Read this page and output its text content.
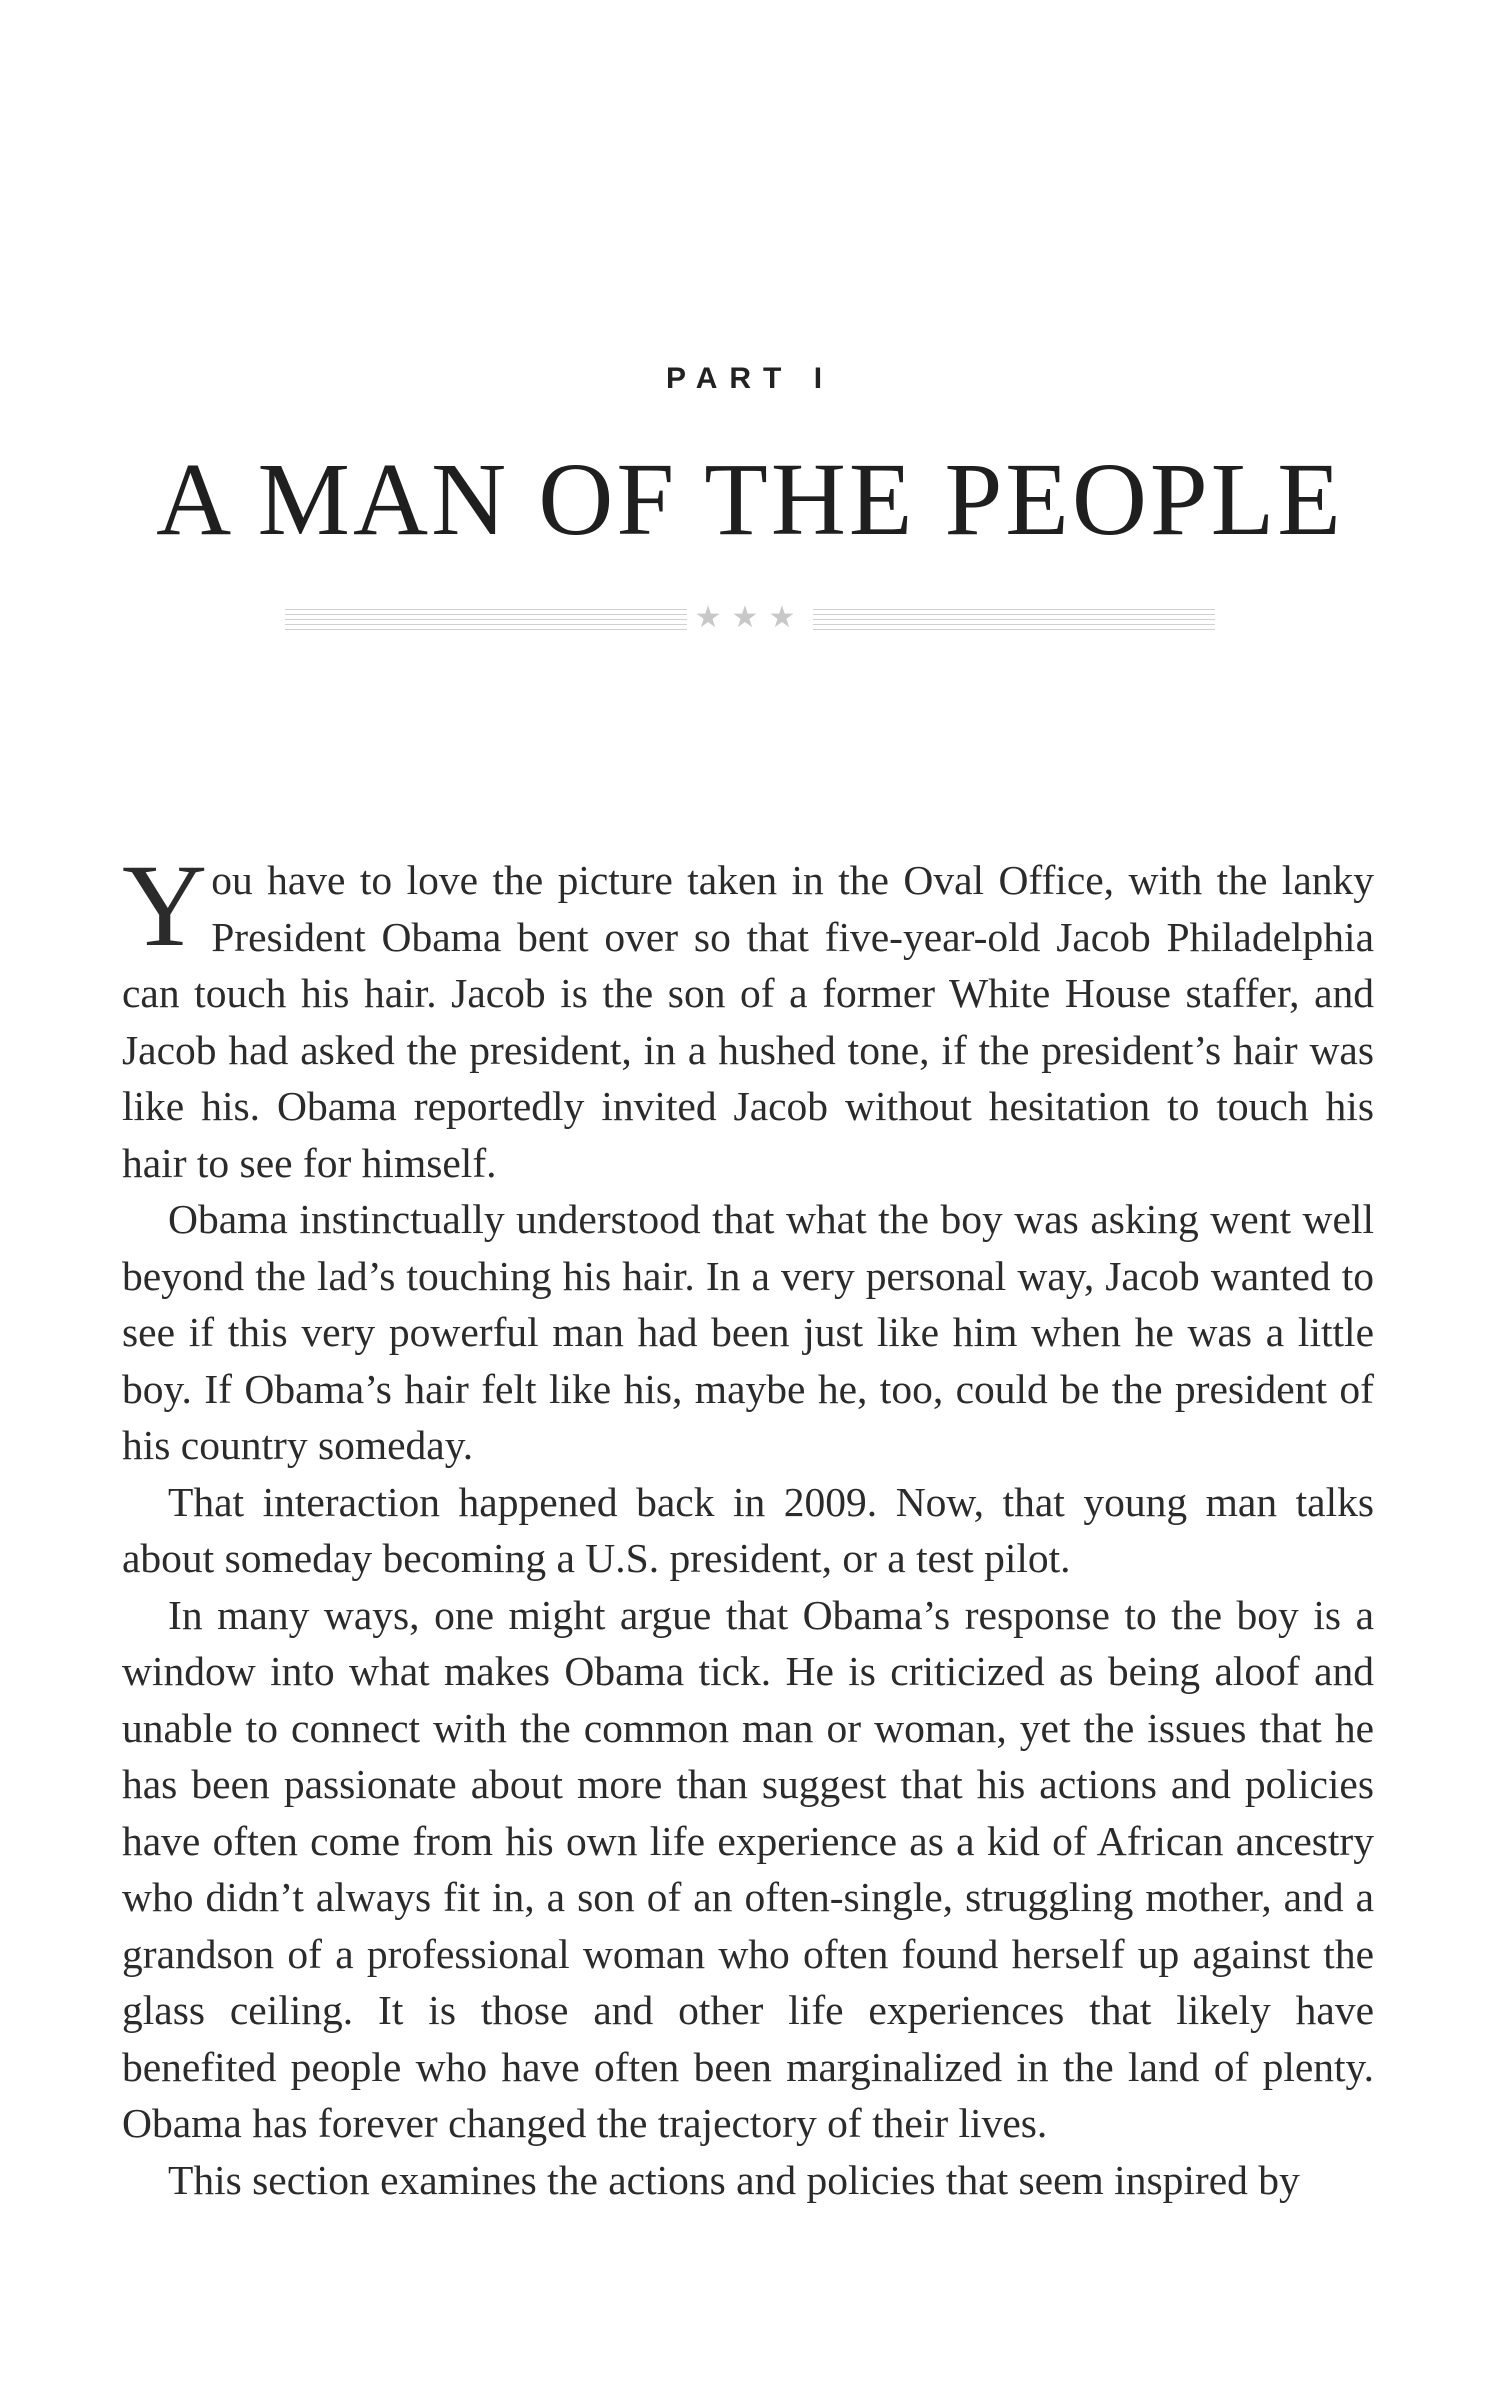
PART I
A MAN OF THE PEOPLE
★★★

You have to love the picture taken in the Oval Office, with the lanky President Obama bent over so that five-year-old Jacob Philadelphia can touch his hair. Jacob is the son of a former White House staffer, and Jacob had asked the president, in a hushed tone, if the president’s hair was like his. Obama reportedly invited Jacob without hesitation to touch his hair to see for himself.

Obama instinctually understood that what the boy was asking went well beyond the lad’s touching his hair. In a very personal way, Jacob wanted to see if this very powerful man had been just like him when he was a little boy. If Obama’s hair felt like his, maybe he, too, could be the president of his country someday.

That interaction happened back in 2009. Now, that young man talks about someday becoming a U.S. president, or a test pilot.

In many ways, one might argue that Obama’s response to the boy is a window into what makes Obama tick. He is criticized as being aloof and unable to connect with the common man or woman, yet the issues that he has been passionate about more than suggest that his actions and policies have often come from his own life experience as a kid of African ancestry who didn’t always fit in, a son of an often-single, struggling mother, and a grandson of a professional woman who often found herself up against the glass ceiling. It is those and other life experiences that likely have benefited people who have often been marginalized in the land of plenty. Obama has forever changed the trajectory of their lives.

This section examines the actions and policies that seem inspired by
